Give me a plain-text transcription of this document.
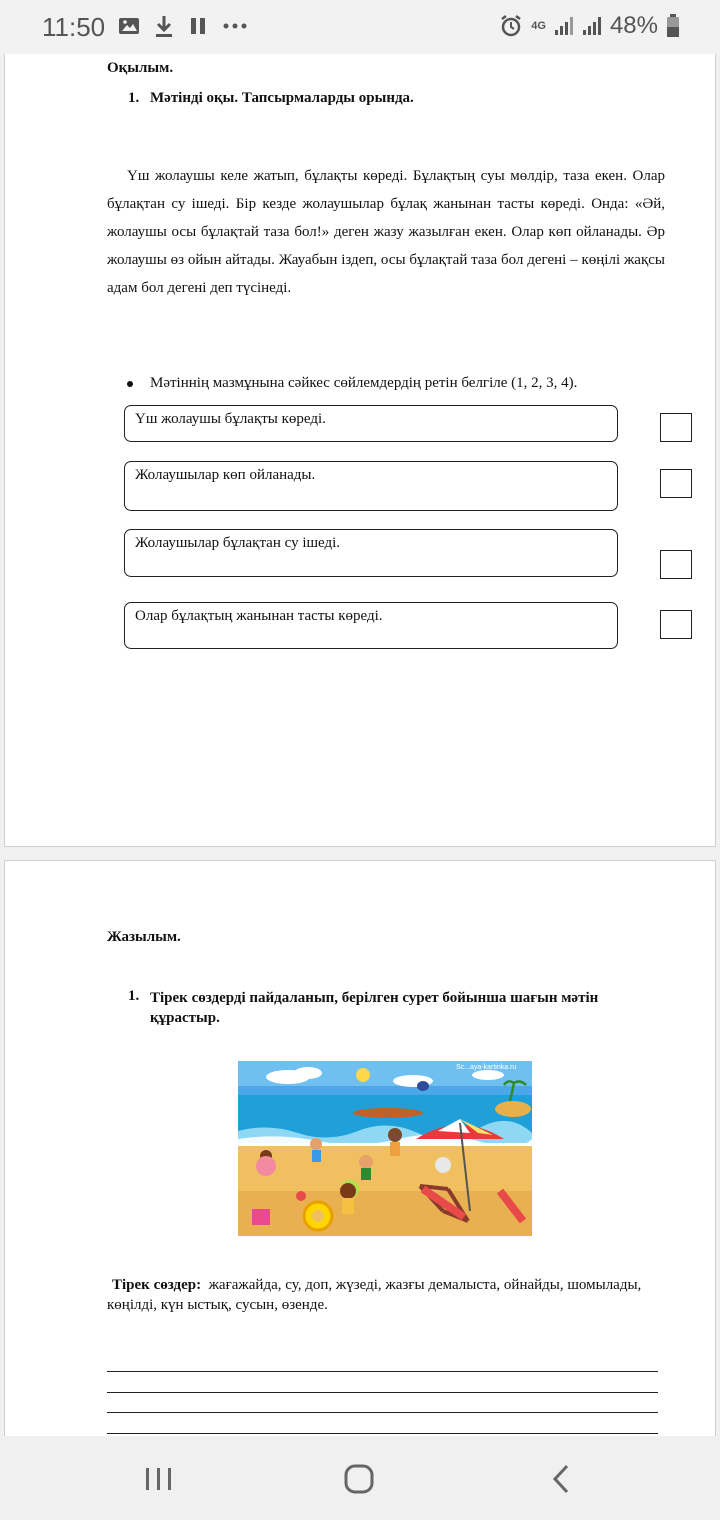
11:50	4G	48%
Оқылым.
1. Мәтінді оқы. Тапсырмаларды орында.
Үш жолаушы келе жатып, бұлақты көреді. Бұлақтың суы мөлдір, таза екен. Олар бұлақтан су ішеді. Бір кезде жолаушылар бұлақ жанынан тасты көреді. Онда: «Әй, жолаушы осы бұлақтай таза бол!» деген жазу жазылған екен. Олар көп ойланады. Әр жолаушы өз ойын айтады. Жауабын іздеп, осы бұлақтай таза бол дегені – көңілі жақсы адам бол дегені деп түсінеді.
Мәтіннің мазмұнына сәйкес сөйлемдердің ретін белгіле (1, 2, 3, 4).
Үш жолаушы бұлақты көреді.
Жолаушылар көп ойланады.
Жолаушылар бұлақтан су ішеді.
Олар бұлақтың жанынан тасты көреді.
Жазылым.
1. Тірек сөздерді пайдаланып, берілген сурет бойынша шағын мәтін құрастыр.
Sc...aya-kartinka.ru
Тірек сөздер: жағажайда, су, доп, жүзеді, жазғы демалыста, ойнайды, шомылады, көңілді, күн ыстық, сусын, өзенде.
